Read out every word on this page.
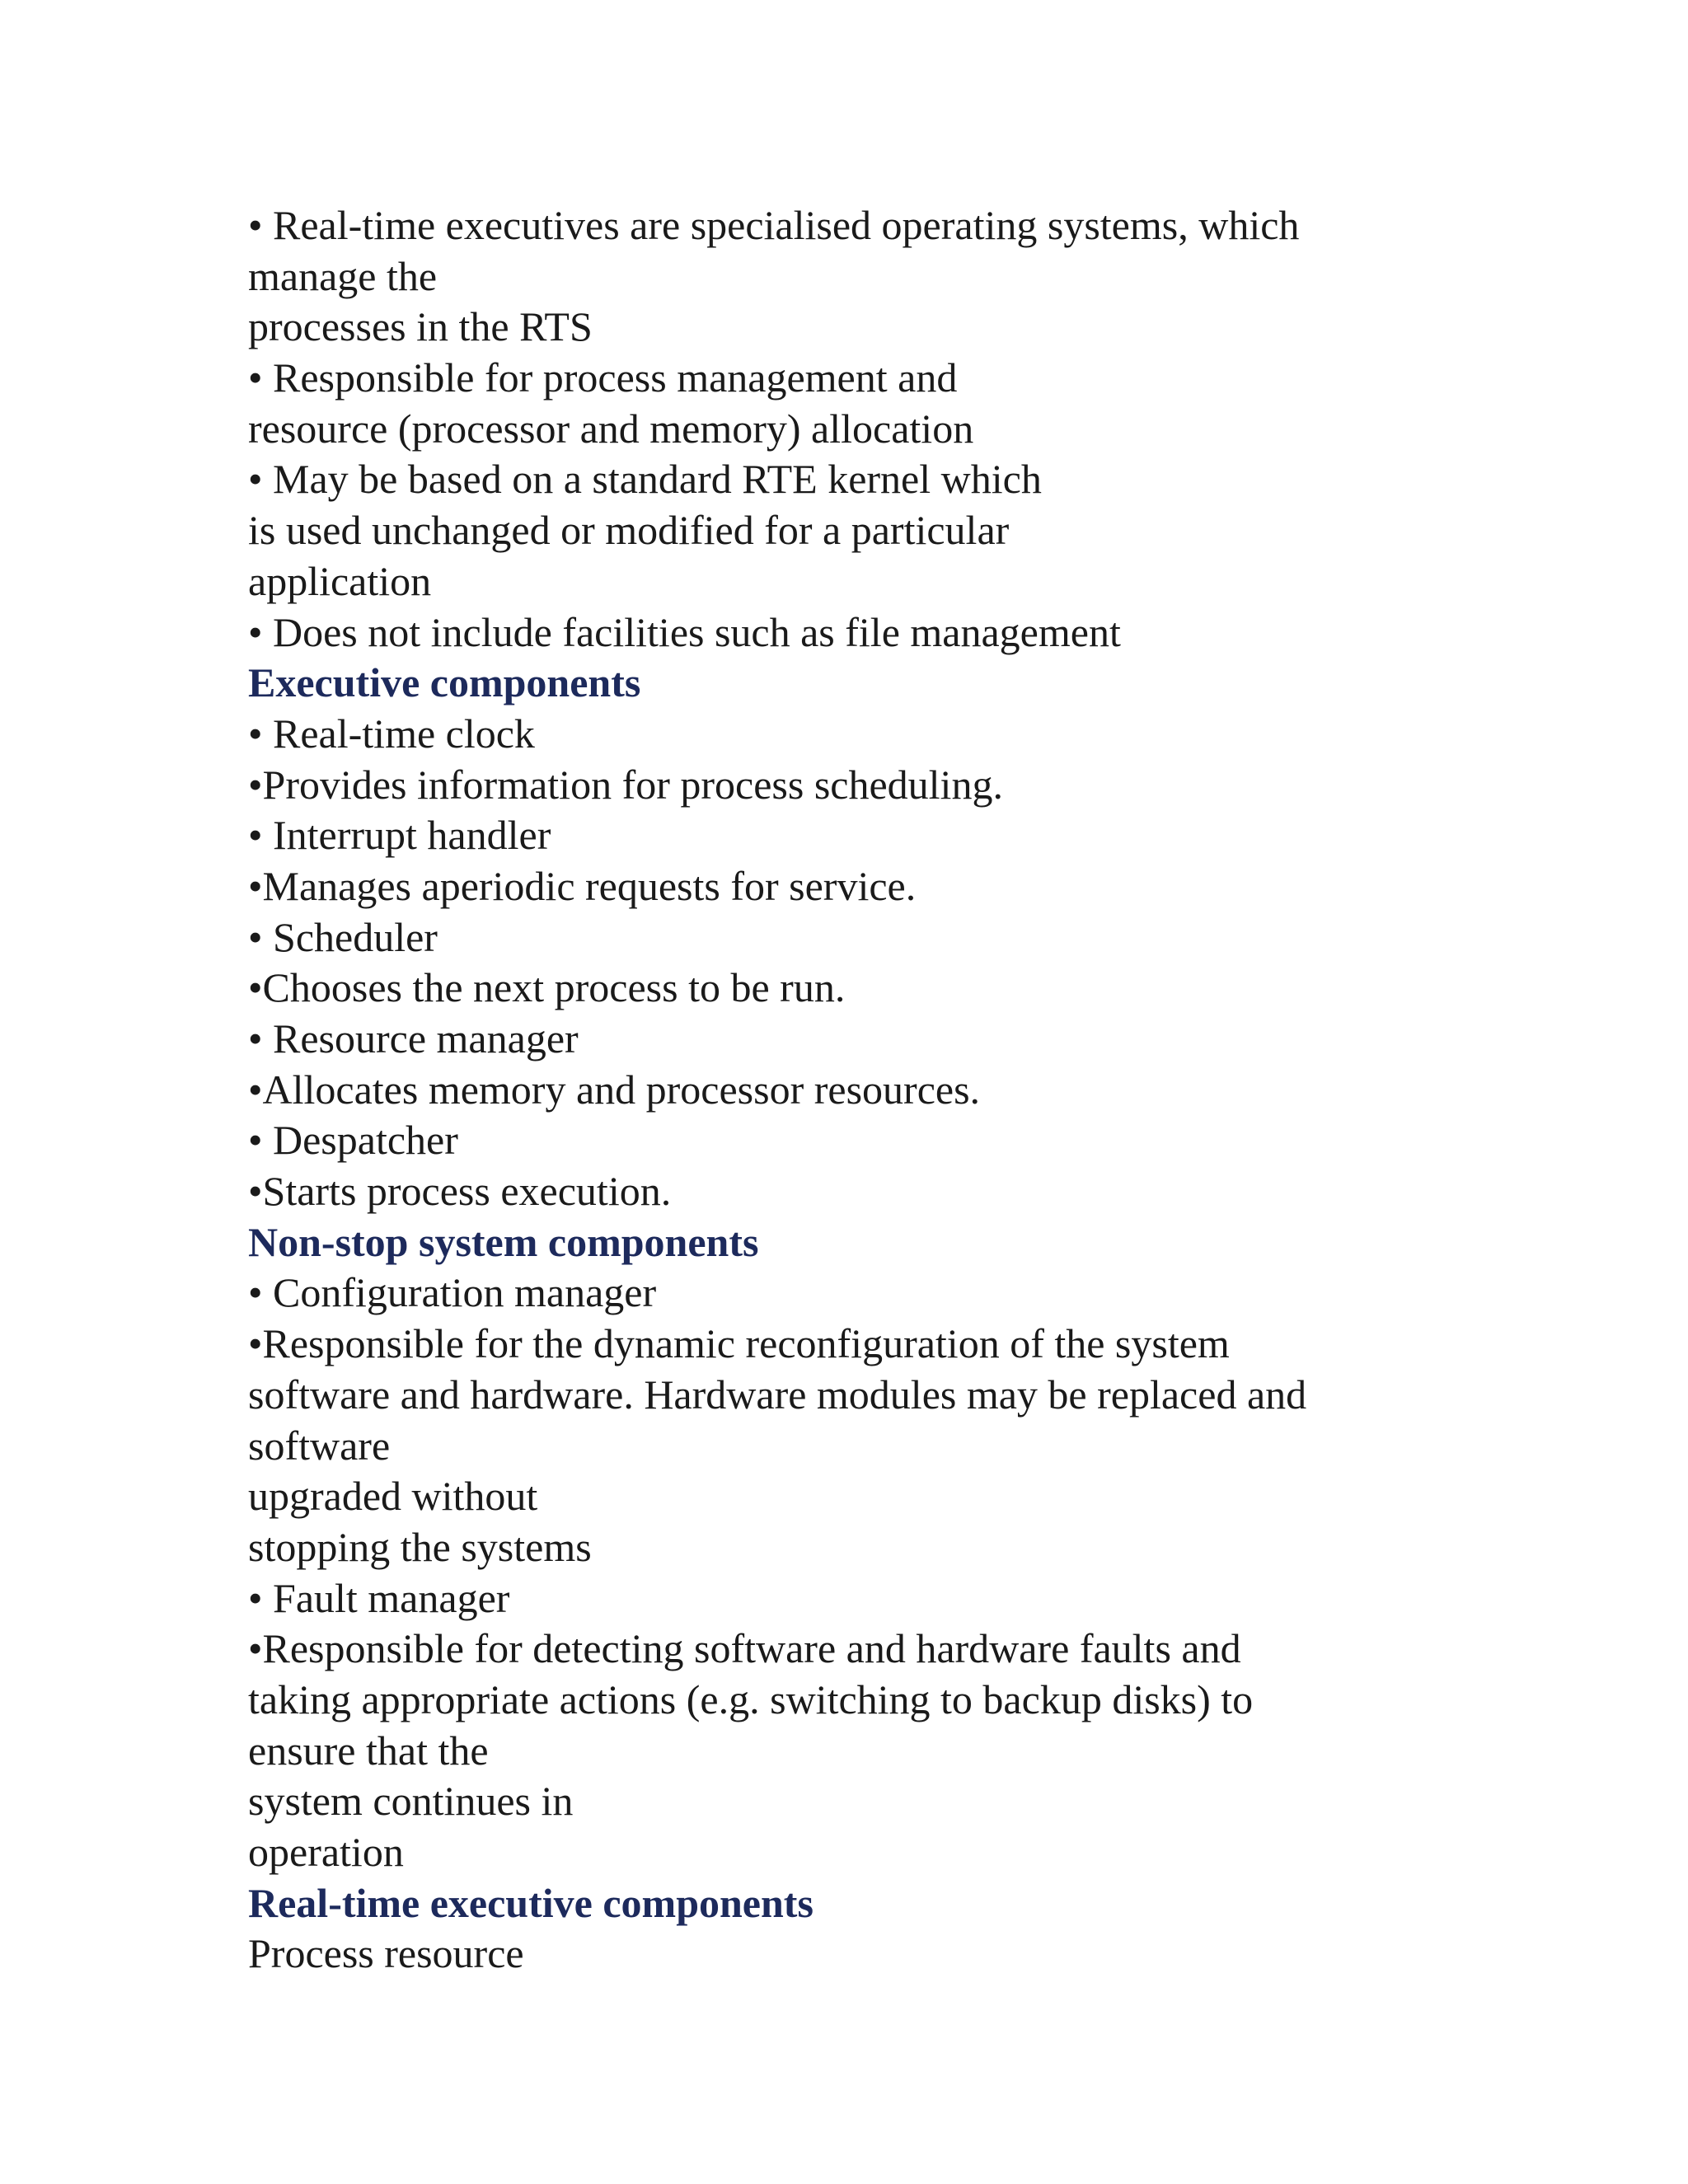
• Real-time executives are specialised operating systems, which

manage the

processes in the RTS

• Responsible for process management and

resource (processor and memory) allocation

• May be based on a standard RTE kernel which

is used unchanged or modified for a particular

application

• Does not include facilities such as file management

Executive components

• Real-time clock

•Provides information for process scheduling.

• Interrupt handler

•Manages aperiodic requests for service.

• Scheduler

•Chooses the next process to be run.

• Resource manager

•Allocates memory and processor resources.

• Despatcher

•Starts process execution.

Non-stop system components

• Configuration manager

•Responsible for the dynamic reconfiguration of the system

software and hardware. Hardware modules may be replaced and

software

upgraded without

stopping the systems

• Fault manager

•Responsible for detecting software and hardware faults and

taking appropriate actions (e.g. switching to backup disks) to

ensure that the

system continues in

operation

Real-time executive components

Process resource
